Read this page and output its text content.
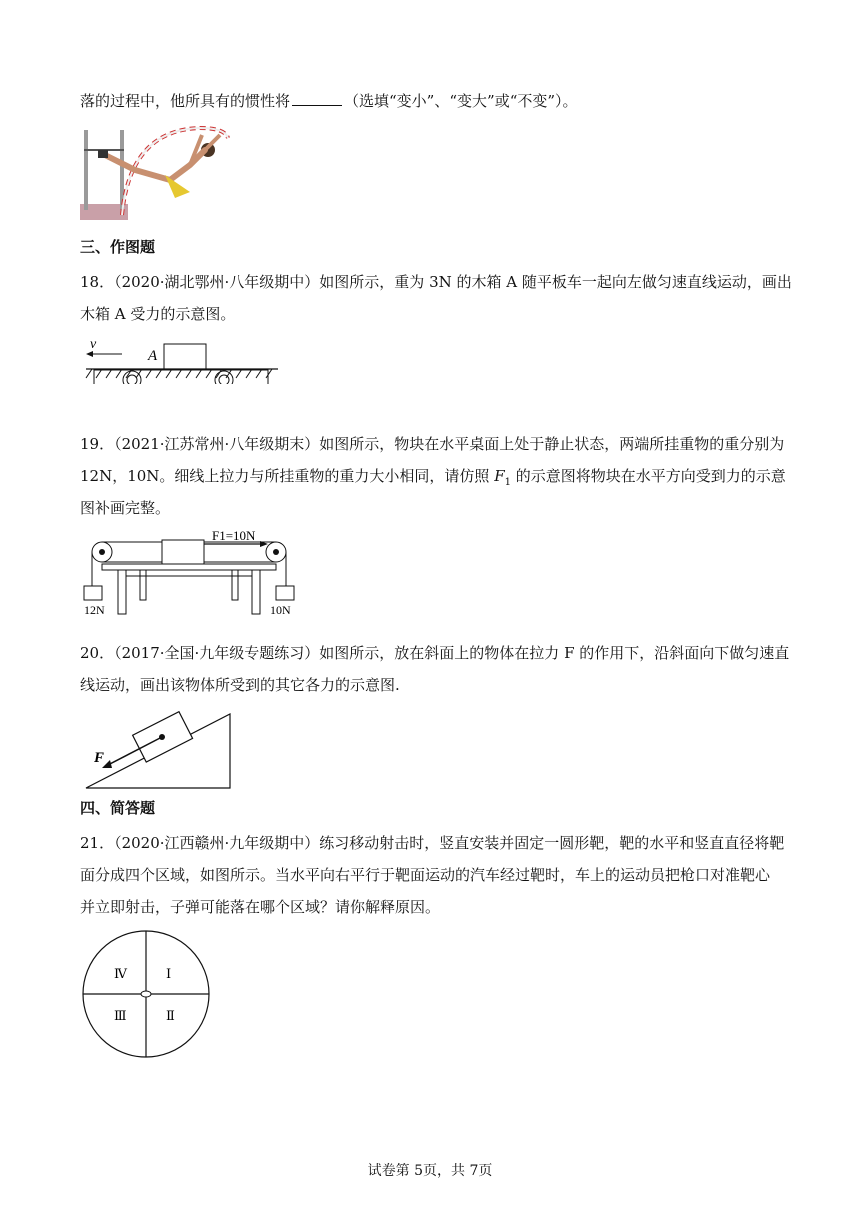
落的过程中，他所具有的惯性将	（选填“变小”、“变大”或“不变”）。
三、作图题
18．（2020·湖北鄂州·八年级期中）如图所示，重为 3N 的木箱 A 随平板车一起向左做匀速直线运动，画出
木箱 A 受力的示意图。
v
A
19．（2021·江苏常州·八年级期末）如图所示，物块在水平桌面上处于静止状态，两端所挂重物的重分别为
12N，10N。细线上拉力与所挂重物的重力大小相同，请仿照 $F_1$ 的示意图将物块在水平方向受到力的示意
图补画完整。
F1=10N
12N	10N
20．（2017·全国·九年级专题练习）如图所示，放在斜面上的物体在拉力 F 的作用下，沿斜面向下做匀速直
线运动，画出该物体所受到的其它各力的示意图.
F
四、简答题
21．（2020·江西赣州·九年级期中）练习移动射击时，竖直安装并固定一圆形靶，靶的水平和竖直直径将靶
面分成四个区域，如图所示。当水平向右平行于靶面运动的汽车经过靶时，车上的运动员把枪口对准靶心
并立即射击，子弹可能落在哪个区域？请你解释原因。
Ⅰ
Ⅱ
Ⅲ
Ⅳ
试卷第 5页，共 7页
